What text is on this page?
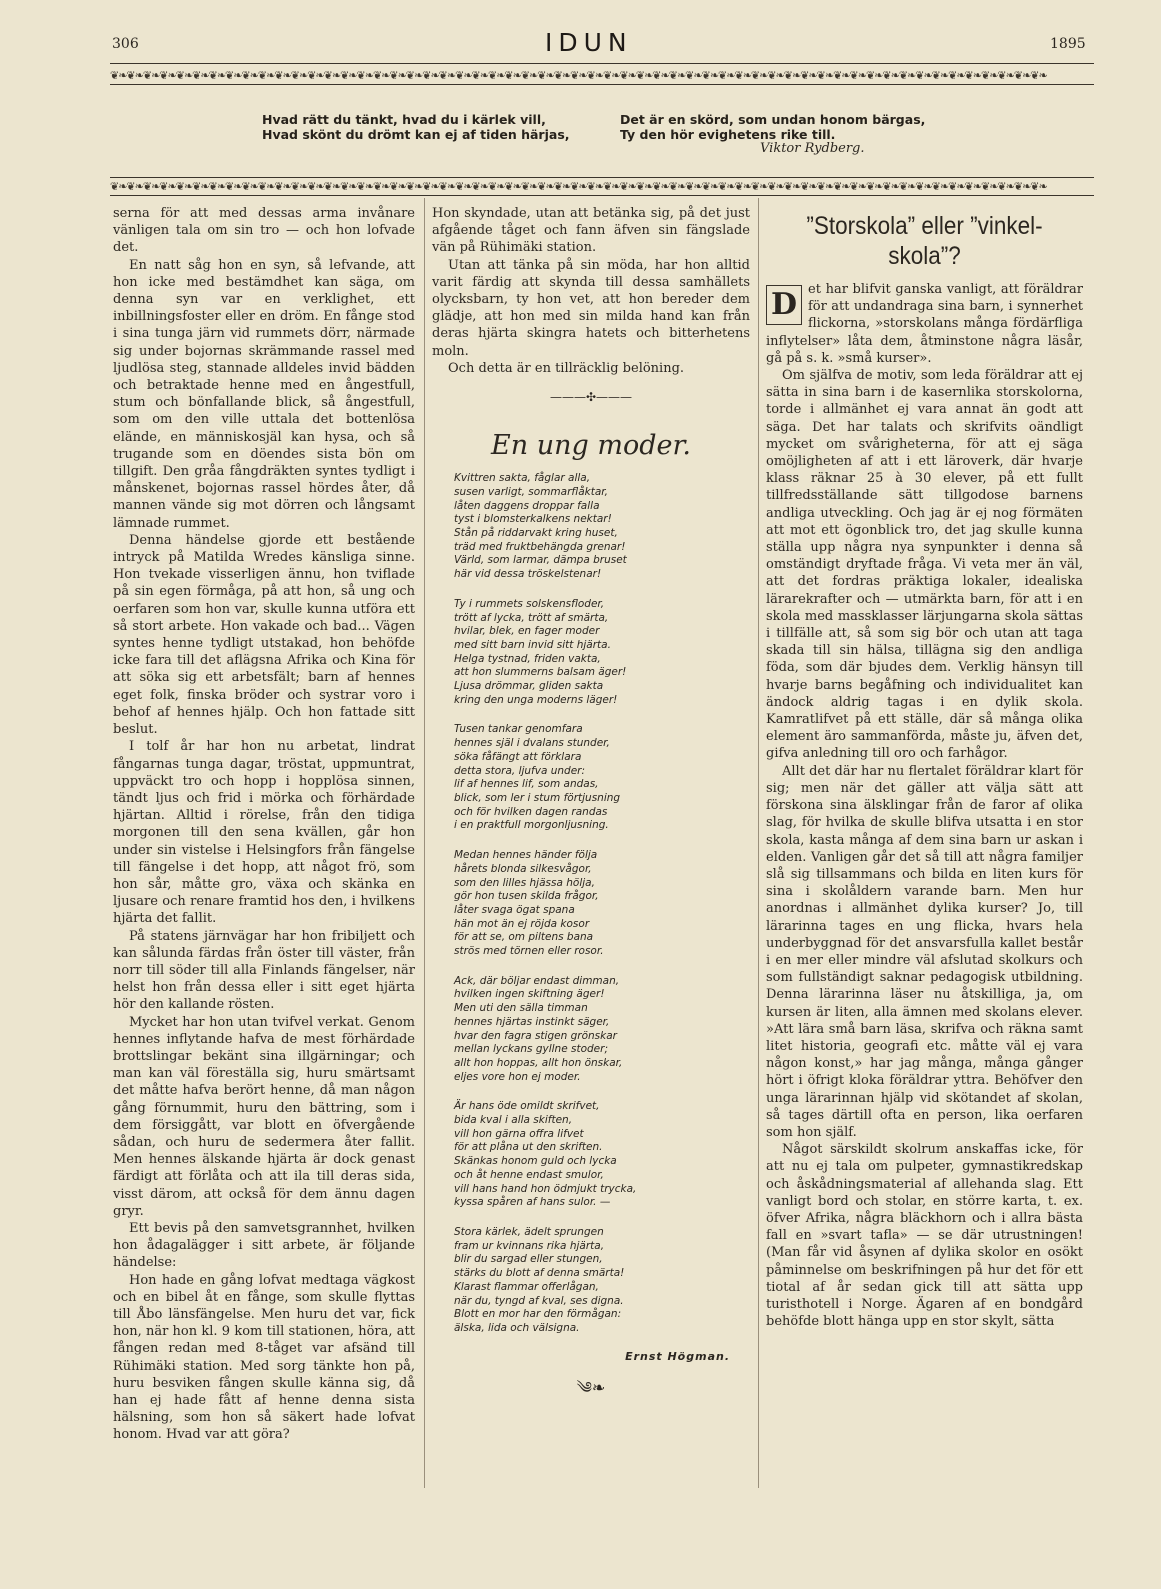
306	IDUN	1895
❦❧❦❧❦❧❦❧❦❧❦❧❦❧❦❧❦❧❦❧❦❧❦❧❦❧❦❧❦❧❦❧❦❧❦❧❦❧❦❧❦❧❦❧❦❧❦❧❦❧❦❧❦❧❦❧❦❧❦❧❦❧❦❧❦❧❦❧❦❧❦❧❦❧❦❧❦❧❦❧❦❧❦❧❦❧❦❧❦❧❦❧❦❧❦❧❦❧❦❧❦❧❦❧❦❧❦❧❦❧❦❧❦❧
Hvad rätt du tänkt, hvad du i kärlek vill,
Hvad skönt du drömt kan ej af tiden härjas,
Det är en skörd, som undan honom bärgas,
Ty den hör evighetens rike till.
Viktor Rydberg.
❦❧❦❧❦❧❦❧❦❧❦❧❦❧❦❧❦❧❦❧❦❧❦❧❦❧❦❧❦❧❦❧❦❧❦❧❦❧❦❧❦❧❦❧❦❧❦❧❦❧❦❧❦❧❦❧❦❧❦❧❦❧❦❧❦❧❦❧❦❧❦❧❦❧❦❧❦❧❦❧❦❧❦❧❦❧❦❧❦❧❦❧❦❧❦❧❦❧❦❧❦❧❦❧❦❧❦❧❦❧❦❧❦❧

serna för att med dessas arma invånare vänligen tala om sin tro — och hon lofvade det.

En natt såg hon en syn, så lefvande, att hon icke med bestämdhet kan säga, om denna syn var en verklighet, ett inbillningsfoster eller en dröm. En fånge stod i sina tunga järn vid rummets dörr, närmade sig under bojornas skrämmande rassel med ljudlösa steg, stannade alldeles invid bädden och betraktade henne med en ångestfull, stum och bönfallande blick, så ångestfull, som om den ville uttala det bottenlösa elände, en människosjäl kan hysa, och så trugande som en döendes sista bön om tillgift. Den gråa fångdräkten syntes tydligt i månskenet, bojornas rassel hördes åter, då mannen vände sig mot dörren och långsamt lämnade rummet.

Denna händelse gjorde ett bestående intryck på Matilda Wredes känsliga sinne. Hon tvekade visserligen ännu, hon tviflade på sin egen förmåga, på att hon, så ung och oerfaren som hon var, skulle kunna utföra ett så stort arbete. Hon vakade och bad... Vägen syntes henne tydligt utstakad, hon behöfde icke fara till det aflägsna Afrika och Kina för att söka sig ett arbetsfält; barn af hennes eget folk, finska bröder och systrar voro i behof af hennes hjälp. Och hon fattade sitt beslut.

I tolf år har hon nu arbetat, lindrat fångarnas tunga dagar, tröstat, uppmuntrat, uppväckt tro och hopp i hopplösa sinnen, tändt ljus och frid i mörka och förhärdade hjärtan. Alltid i rörelse, från den tidiga morgonen till den sena kvällen, går hon under sin vistelse i Helsingfors från fängelse till fängelse i det hopp, att något frö, som hon sår, måtte gro, växa och skänka en ljusare och renare framtid hos den, i hvilkens hjärta det fallit.

På statens järnvägar har hon fribiljett och kan sålunda färdas från öster till väster, från norr till söder till alla Finlands fängelser, när helst hon från dessa eller i sitt eget hjärta hör den kallande rösten.

Mycket har hon utan tvifvel verkat. Genom hennes inflytande hafva de mest förhärdade brottslingar bekänt sina illgärningar; och man kan väl föreställa sig, huru smärtsamt det måtte hafva berört henne, då man någon gång förnummit, huru den bättring, som i dem försiggått, var blott en öfvergående sådan, och huru de sedermera åter fallit. Men hennes älskande hjärta är dock genast färdigt att förlåta och att ila till deras sida, visst därom, att också för dem ännu dagen gryr.

Ett bevis på den samvetsgrannhet, hvilken hon ådagalägger i sitt arbete, är följande händelse:

Hon hade en gång lofvat medtaga vägkost och en bibel åt en fånge, som skulle flyttas till Åbo länsfängelse. Men huru det var, fick hon, när hon kl. 9 kom till stationen, höra, att fången redan med 8-tåget var afsänd till Rühimäki station. Med sorg tänkte hon på, huru besviken fången skulle känna sig, då han ej hade fått af henne denna sista hälsning, som hon så säkert hade lofvat honom. Hvad var att göra?

Hon skyndade, utan att betänka sig, på det just afgående tåget och fann äfven sin fängslade vän på Rühimäki station.

Utan att tänka på sin möda, har hon alltid varit färdig att skynda till dessa samhällets olycksbarn, ty hon vet, att hon bereder dem glädje, att hon med sin milda hand kan från deras hjärta skingra hatets och bitterhetens moln.

Och detta är en tillräcklig belöning.

———✣———
En ung moder.
Kvittren sakta, fåglar alla,
susen varligt, sommarflåktar,
låten daggens droppar falla
tyst i blomsterkalkens nektar!
Stån på riddarvakt kring huset,
träd med fruktbehängda grenar!
Värld, som larmar, dämpa bruset
här vid dessa tröskelstenar!
Ty i rummets solskensfloder,
trött af lycka, trött af smärta,
hvilar, blek, en fager moder
med sitt barn invid sitt hjärta.
Helga tystnad, friden vakta,
att hon slummerns balsam äger!
Ljusa drömmar, gliden sakta
kring den unga moderns läger!
Tusen tankar genomfara
hennes själ i dvalans stunder,
söka fåfängt att förklara
detta stora, ljufva under:
lif af hennes lif, som andas,
blick, som ler i stum förtjusning
och för hvilken dagen randas
i en praktfull morgonljusning.
Medan hennes händer följa
hårets blonda silkesvågor,
som den lilles hjässa hölja,
gör hon tusen skilda frågor,
låter svaga ögat spana
hän mot än ej röjda kosor
för att se, om piltens bana
strös med törnen eller rosor.
Ack, där böljar endast dimman,
hvilken ingen skiftning äger!
Men uti den sälla timman
hennes hjärtas instinkt säger,
hvar den fagra stigen grönskar
mellan lyckans gyllne stoder;
allt hon hoppas, allt hon önskar,
eljes vore hon ej moder.
Är hans öde omildt skrifvet,
bida kval i alla skiften,
vill hon gärna offra lifvet
för att plåna ut den skriften.
Skänkas honom guld och lycka
och åt henne endast smulor,
vill hans hand hon ödmjukt trycka,
kyssa spåren af hans sulor. —
Stora kärlek, ädelt sprungen
fram ur kvinnans rika hjärta,
blir du sargad eller stungen,
stärks du blott af denna smärta!
Klarast flammar offerlågan,
när du, tyngd af kval, ses digna.
Blott en mor har den förmågan:
älska, lida och välsigna.
Ernst Högman.
༄❧
”Storskola” eller ”vinkel-
skola”?

D et har blifvit ganska vanligt, att föräldrar för att undandraga sina barn, i synnerhet flickorna, »storskolans många fördärfliga inflytelser» låta dem, åtminstone några läsår, gå på s. k. »små kurser».

Om själfva de motiv, som leda föräldrar att ej sätta in sina barn i de kasernlika storskolorna, torde i allmänhet ej vara annat än godt att säga. Det har talats och skrifvits oändligt mycket om svårigheterna, för att ej säga omöjligheten af att i ett läroverk, där hvarje klass räknar 25 à 30 elever, på ett fullt tillfredsställande sätt tillgodose barnens andliga utveckling. Och jag är ej nog förmäten att mot ett ögonblick tro, det jag skulle kunna ställa upp några nya synpunkter i denna så omständigt dryftade fråga. Vi veta mer än väl, att det fordras präktiga lokaler, idealiska lärarekrafter och — utmärkta barn, för att i en skola med massklasser lärjungarna skola sättas i tillfälle att, så som sig bör och utan att taga skada till sin hälsa, tillägna sig den andliga föda, som där bjudes dem. Verklig hänsyn till hvarje barns begåfning och individualitet kan ändock aldrig tagas i en dylik skola. Kamratlifvet på ett ställe, där så många olika element äro sammanförda, måste ju, äfven det, gifva anledning till oro och farhågor.

Allt det där har nu flertalet föräldrar klart för sig; men när det gäller att välja sätt att förskona sina älsklingar från de faror af olika slag, för hvilka de skulle blifva utsatta i en stor skola, kasta många af dem sina barn ur askan i elden. Vanligen går det så till att några familjer slå sig tillsammans och bilda en liten kurs för sina i skolåldern varande barn. Men hur anordnas i allmänhet dylika kurser? Jo, till lärarinna tages en ung flicka, hvars hela underbyggnad för det ansvarsfulla kallet består i en mer eller mindre väl afslutad skolkurs och som fullständigt saknar pedagogisk utbildning. Denna lärarinna läser nu åtskilliga, ja, om kursen är liten, alla ämnen med skolans elever. »Att lära små barn läsa, skrifva och räkna samt litet historia, geografi etc. måtte väl ej vara någon konst,» har jag många, många gånger hört i öfrigt kloka föräldrar yttra. Behöfver den unga lärarinnan hjälp vid skötandet af skolan, så tages därtill ofta en person, lika oerfaren som hon själf.

Något särskildt skolrum anskaffas icke, för att nu ej tala om pulpeter, gymnastikredskap och åskådningsmaterial af allehanda slag. Ett vanligt bord och stolar, en större karta, t. ex. öfver Afrika, några bläckhorn och i allra bästa fall en »svart tafla» — se där utrustningen! (Man får vid åsynen af dylika skolor en osökt påminnelse om beskrifningen på hur det för ett tiotal af år sedan gick till att sätta upp turisthotell i Norge. Ägaren af en bondgård behöfde blott hänga upp en stor skylt, sätta
